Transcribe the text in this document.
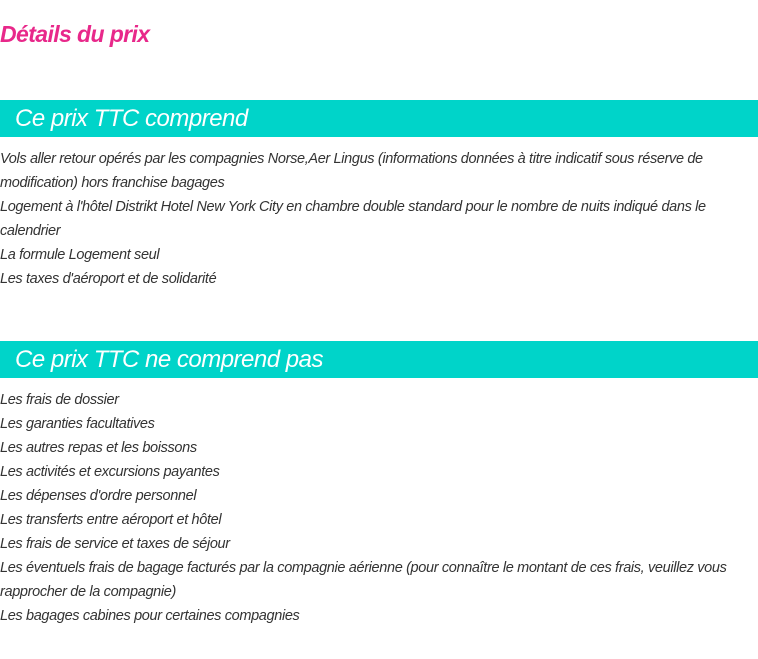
Détails du prix
Ce prix TTC comprend
Vols aller retour opérés par les compagnies Norse,Aer Lingus (informations données à titre indicatif sous réserve de modification) hors franchise bagages
Logement à l'hôtel Distrikt Hotel New York City en chambre double standard pour le nombre de nuits indiqué dans le calendrier
La formule Logement seul
Les taxes d'aéroport et de solidarité
Ce prix TTC ne comprend pas
Les frais de dossier
Les garanties facultatives
Les autres repas et les boissons
Les activités et excursions payantes
Les dépenses d'ordre personnel
Les transferts entre aéroport et hôtel
Les frais de service et taxes de séjour
Les éventuels frais de bagage facturés par la compagnie aérienne (pour connaître le montant de ces frais, veuillez vous rapprocher de la compagnie)
Les bagages cabines pour certaines compagnies
